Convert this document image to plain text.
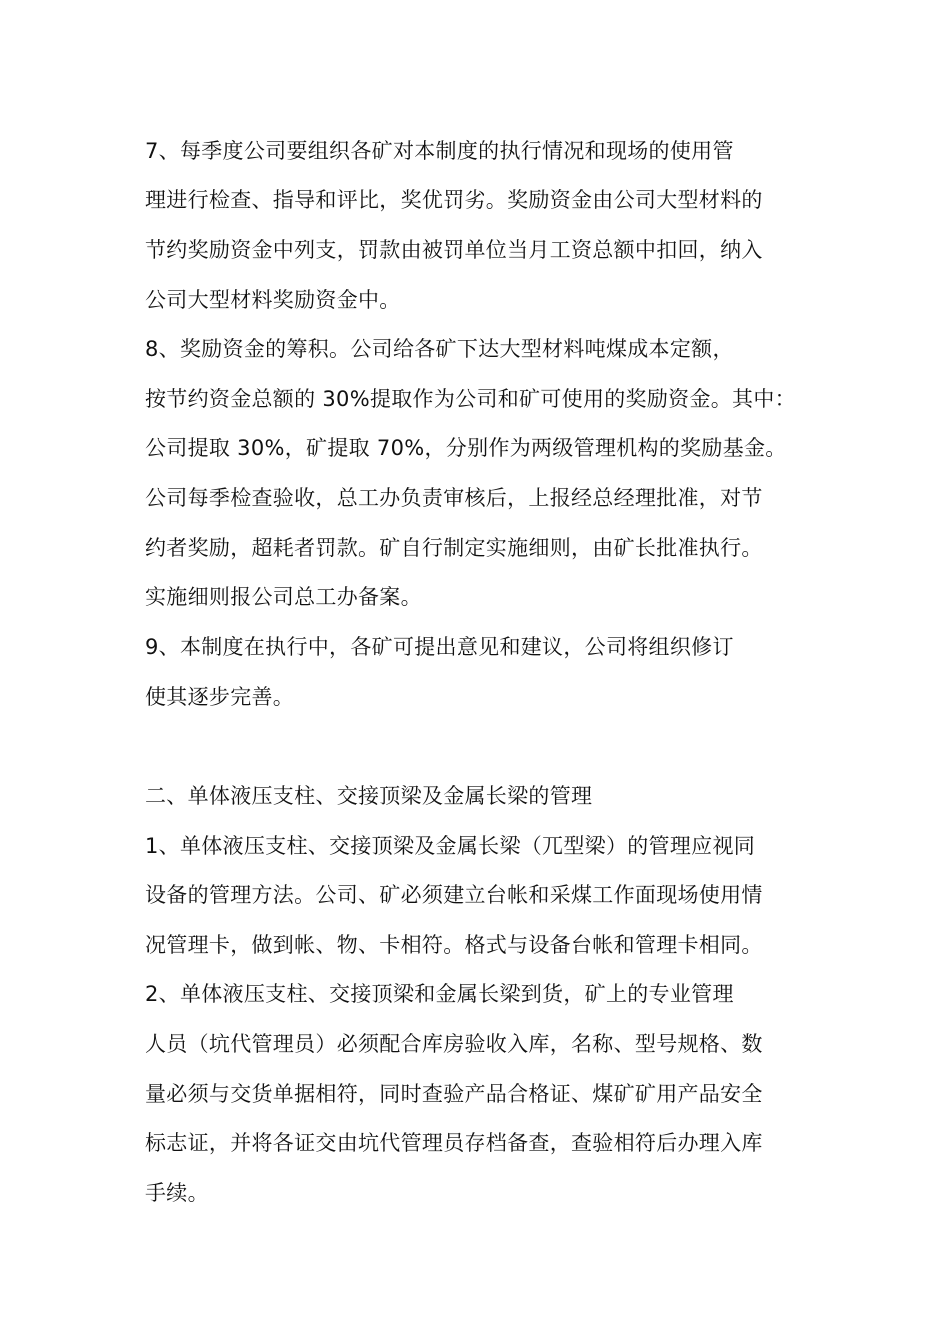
7、每季度公司要组织各矿对本制度的执行情况和现场的使用管
理进行检查、指导和评比，奖优罚劣。奖励资金由公司大型材料的
节约奖励资金中列支，罚款由被罚单位当月工资总额中扣回，纳入
公司大型材料奖励资金中。
8、奖励资金的筹积。公司给各矿下达大型材料吨煤成本定额，
按节约资金总额的 30%提取作为公司和矿可使用的奖励资金。其中：
公司提取 30%，矿提取 70%，分别作为两级管理机构的奖励基金。
公司每季检查验收，总工办负责审核后，上报经总经理批准，对节
约者奖励，超耗者罚款。矿自行制定实施细则，由矿长批准执行。
实施细则报公司总工办备案。
9、本制度在执行中，各矿可提出意见和建议，公司将组织修订
使其逐步完善。
二、单体液压支柱、交接顶梁及金属长梁的管理
1、单体液压支柱、交接顶梁及金属长梁（兀型梁）的管理应视同
设备的管理方法。公司、矿必须建立台帐和采煤工作面现场使用情
况管理卡，做到帐、物、卡相符。格式与设备台帐和管理卡相同。
2、单体液压支柱、交接顶梁和金属长梁到货，矿上的专业管理
人员（坑代管理员）必须配合库房验收入库，名称、型号规格、数
量必须与交货单据相符，同时查验产品合格证、煤矿矿用产品安全
标志证，并将各证交由坑代管理员存档备查，查验相符后办理入库
手续。
